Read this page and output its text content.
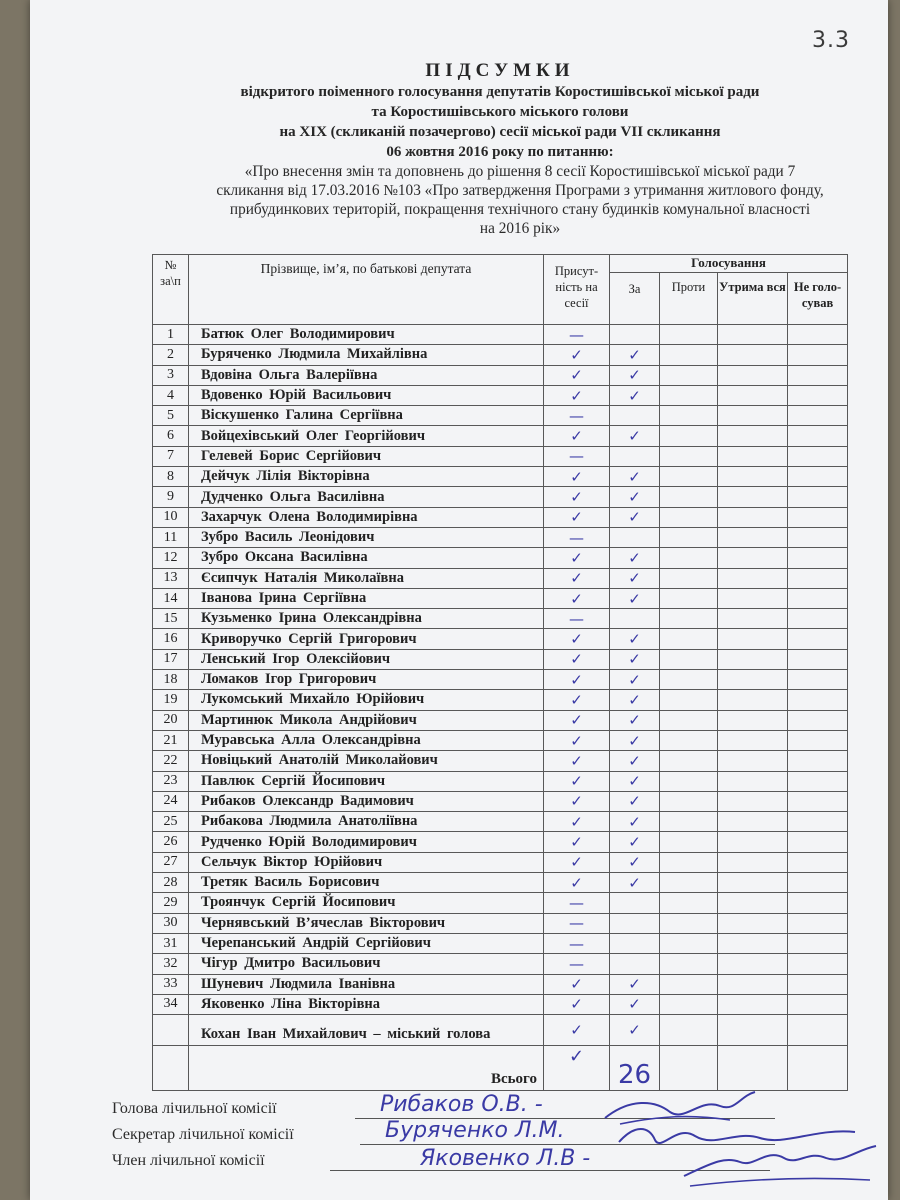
3.3
ПІДСУМКИ
відкритого поіменного голосування депутатів Коростишівської міської ради
та Коростишівського міського голови
на ХІХ (скликаній позачергово) сесії міської ради VІІ скликання
06 жовтня 2016 року по питанню:
«Про внесення змін та доповнень до рішення 8 сесії Коростишівської міської ради 7
скликання від 17.03.2016 №103 «Про затвердження Програми з утримання житлового фонду,
прибудинкових територій, покращення технічного стану будинків комунальної власності
на 2016 рік»
№ за\п	Прізвище, ім’я, по батькові депутата	Присут-ність на сесії	Голосування			
			За	Проти	Утрима вся	Не голо-сував
1	Батюк Олег Володимирович	—				
2	Буряченко Людмила Михайлівна	✓	✓			
3	Вдовіна Ольга Валеріївна	✓	✓			
4	Вдовенко Юрій Васильович	✓	✓			
5	Віскушенко Галина Сергіївна	—				
6	Войцехівський Олег Георгійович	✓	✓			
7	Гелевей Борис Сергійович	—				
8	Дейчук Лілія Вікторівна	✓	✓			
9	Дудченко Ольга Василівна	✓	✓			
10	Захарчук Олена Володимирівна	✓	✓			
11	Зубро Василь Леонідович	—				
12	Зубро Оксана Василівна	✓	✓			
13	Єсипчук Наталія Миколаївна	✓	✓			
14	Іванова Ірина Сергіївна	✓	✓			
15	Кузьменко Ірина Олександрівна	—				
16	Криворучко Сергій Григорович	✓	✓			
17	Ленський Ігор Олексійович	✓	✓			
18	Ломаков Ігор Григорович	✓	✓			
19	Лукомський Михайло Юрійович	✓	✓			
20	Мартинюк Микола Андрійович	✓	✓			
21	Муравська Алла Олександрівна	✓	✓			
22	Новіцький Анатолій Миколайович	✓	✓			
23	Павлюк Сергій Йосипович	✓	✓			
24	Рибаков Олександр Вадимович	✓	✓			
25	Рибакова Людмила Анатоліївна	✓	✓			
26	Рудченко Юрій Володимирович	✓	✓			
27	Сельчук Віктор Юрійович	✓	✓			
28	Третяк Василь Борисович	✓	✓			
29	Троянчук Сергій Йосипович	—				
30	Чернявський В’ячеслав Вікторович	—				
31	Черепанський Андрій Сергійович	—				
32	Чігур Дмитро Васильович	—				
33	Шуневич Людмила Іванівна	✓	✓			
34	Яковенко Ліна Вікторівна	✓	✓			
	Кохан Іван Михайлович – міський голова	✓	✓			
	Всього	✓	26			
Голова лічильної комісії	Рибаков О.В. -
Секретар лічильної комісії	Буряченко Л.М.
Член лічильної комісії	Яковенко Л.В -
